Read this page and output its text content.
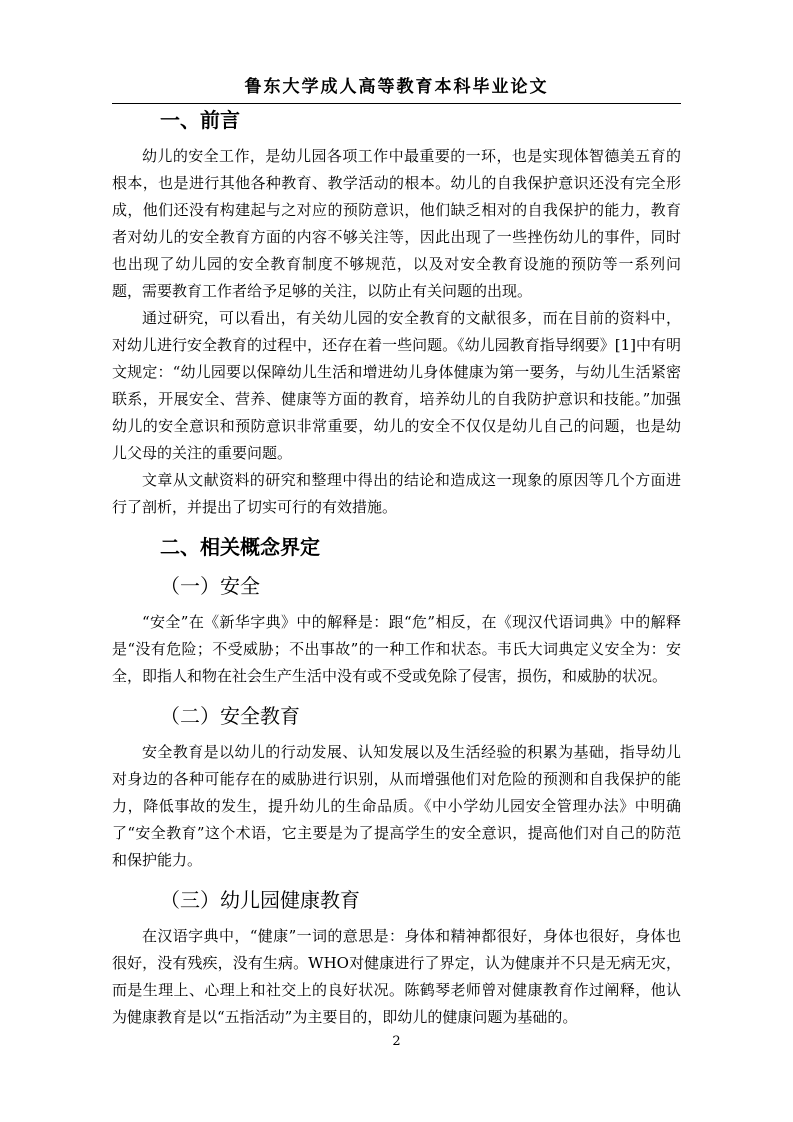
鲁东大学成人高等教育本科毕业论文
一、前言

幼儿的安全工作，是幼儿园各项工作中最重要的一环，也是实现体智德美五育的根本，也是进行其他各种教育、教学活动的根本。幼儿的自我保护意识还没有完全形成，他们还没有构建起与之对应的预防意识，他们缺乏相对的自我保护的能力，教育者对幼儿的安全教育方面的内容不够关注等，因此出现了一些挫伤幼儿的事件，同时也出现了幼儿园的安全教育制度不够规范，以及对安全教育设施的预防等一系列问题，需要教育工作者给予足够的关注，以防止有关问题的出现。

通过研究，可以看出，有关幼儿园的安全教育的文献很多，而在目前的资料中，对幼儿进行安全教育的过程中，还存在着一些问题。《幼儿园教育指导纲要》[1]中有明文规定：“幼儿园要以保障幼儿生活和增进幼儿身体健康为第一要务，与幼儿生活紧密联系，开展安全、营养、健康等方面的教育，培养幼儿的自我防护意识和技能。”加强幼儿的安全意识和预防意识非常重要，幼儿的安全不仅仅是幼儿自己的问题，也是幼儿父母的关注的重要问题。

文章从文献资料的研究和整理中得出的结论和造成这一现象的原因等几个方面进行了剖析，并提出了切实可行的有效措施。

二、相关概念界定
（一）安全

“安全”在《新华字典》中的解释是：跟“危”相反，在《现汉代语词典》中的解释是“没有危险；不受威胁；不出事故”的一种工作和状态。韦氏大词典定义安全为：安全，即指人和物在社会生产生活中没有或不受或免除了侵害，损伤，和威胁的状况。

（二）安全教育

安全教育是以幼儿的行动发展、认知发展以及生活经验的积累为基础，指导幼儿对身边的各种可能存在的威胁进行识别，从而增强他们对危险的预测和自我保护的能力，降低事故的发生，提升幼儿的生命品质。《中小学幼儿园安全管理办法》中明确了“安全教育”这个术语，它主要是为了提高学生的安全意识，提高他们对自己的防范和保护能力。

（三）幼儿园健康教育

在汉语字典中，“健康”一词的意思是：身体和精神都很好，身体也很好，身体也很好，没有残疾，没有生病。WHO对健康进行了界定，认为健康并不只是无病无灾，而是生理上、心理上和社交上的良好状况。陈鹤琴老师曾对健康教育作过阐释，他认为健康教育是以“五指活动”为主要目的，即幼儿的健康问题为基础的。

2
